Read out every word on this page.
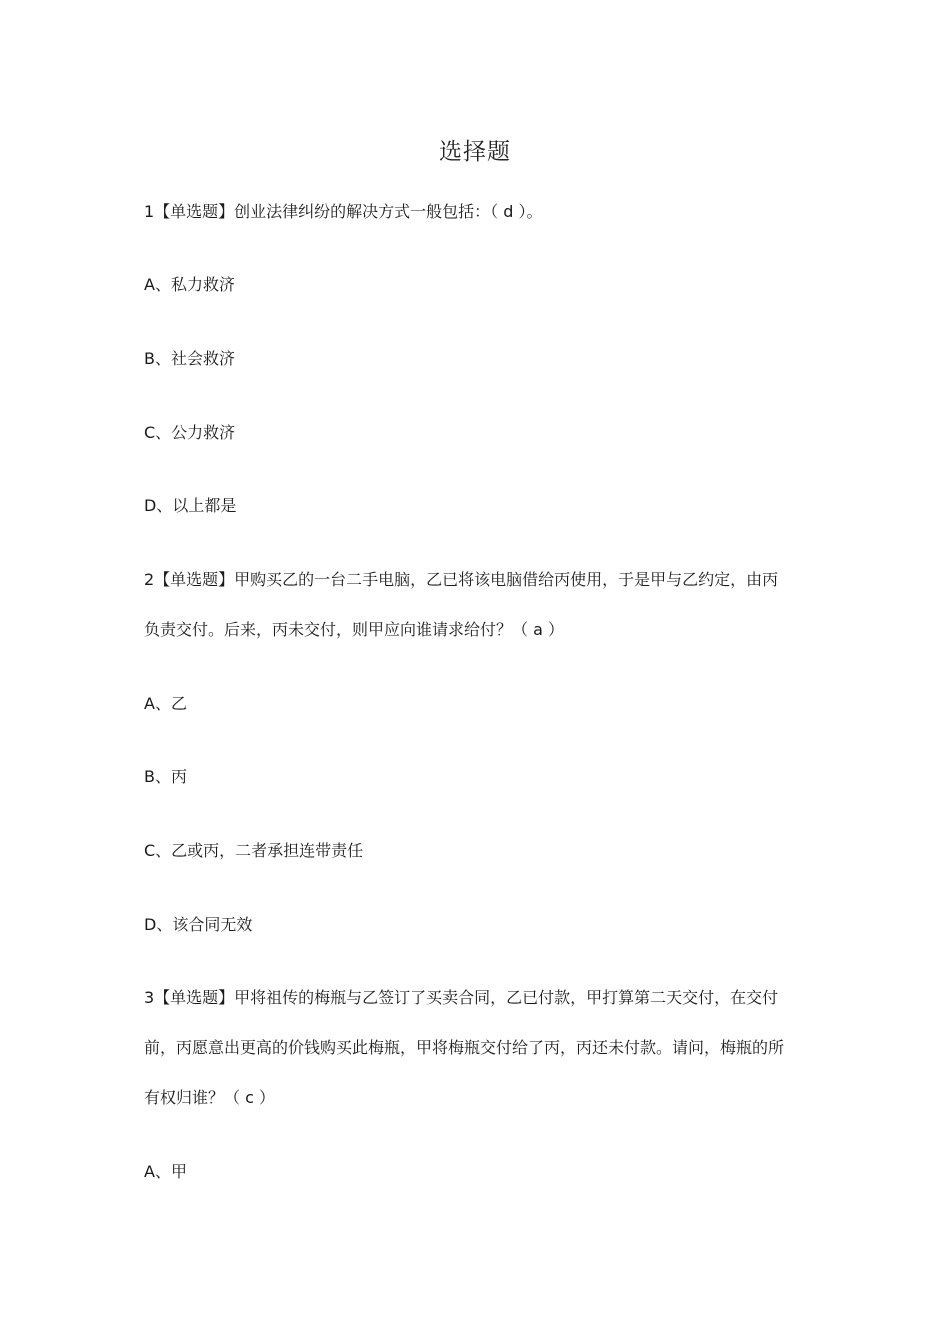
选择题
1【单选题】创业法律纠纷的解决方式一般包括：（ d ）。
A、私力救济
B、社会救济
C、公力救济
D、以上都是
2【单选题】甲购买乙的一台二手电脑，乙已将该电脑借给丙使用，于是甲与乙约定，由丙
负责交付。后来，丙未交付，则甲应向谁请求给付？（ a ）
A、乙
B、丙
C、乙或丙，二者承担连带责任
D、该合同无效
3【单选题】甲将祖传的梅瓶与乙签订了买卖合同，乙已付款，甲打算第二天交付，在交付
前，丙愿意出更高的价钱购买此梅瓶，甲将梅瓶交付给了丙，丙还未付款。请问，梅瓶的所
有权归谁？（ c ）
A、甲
